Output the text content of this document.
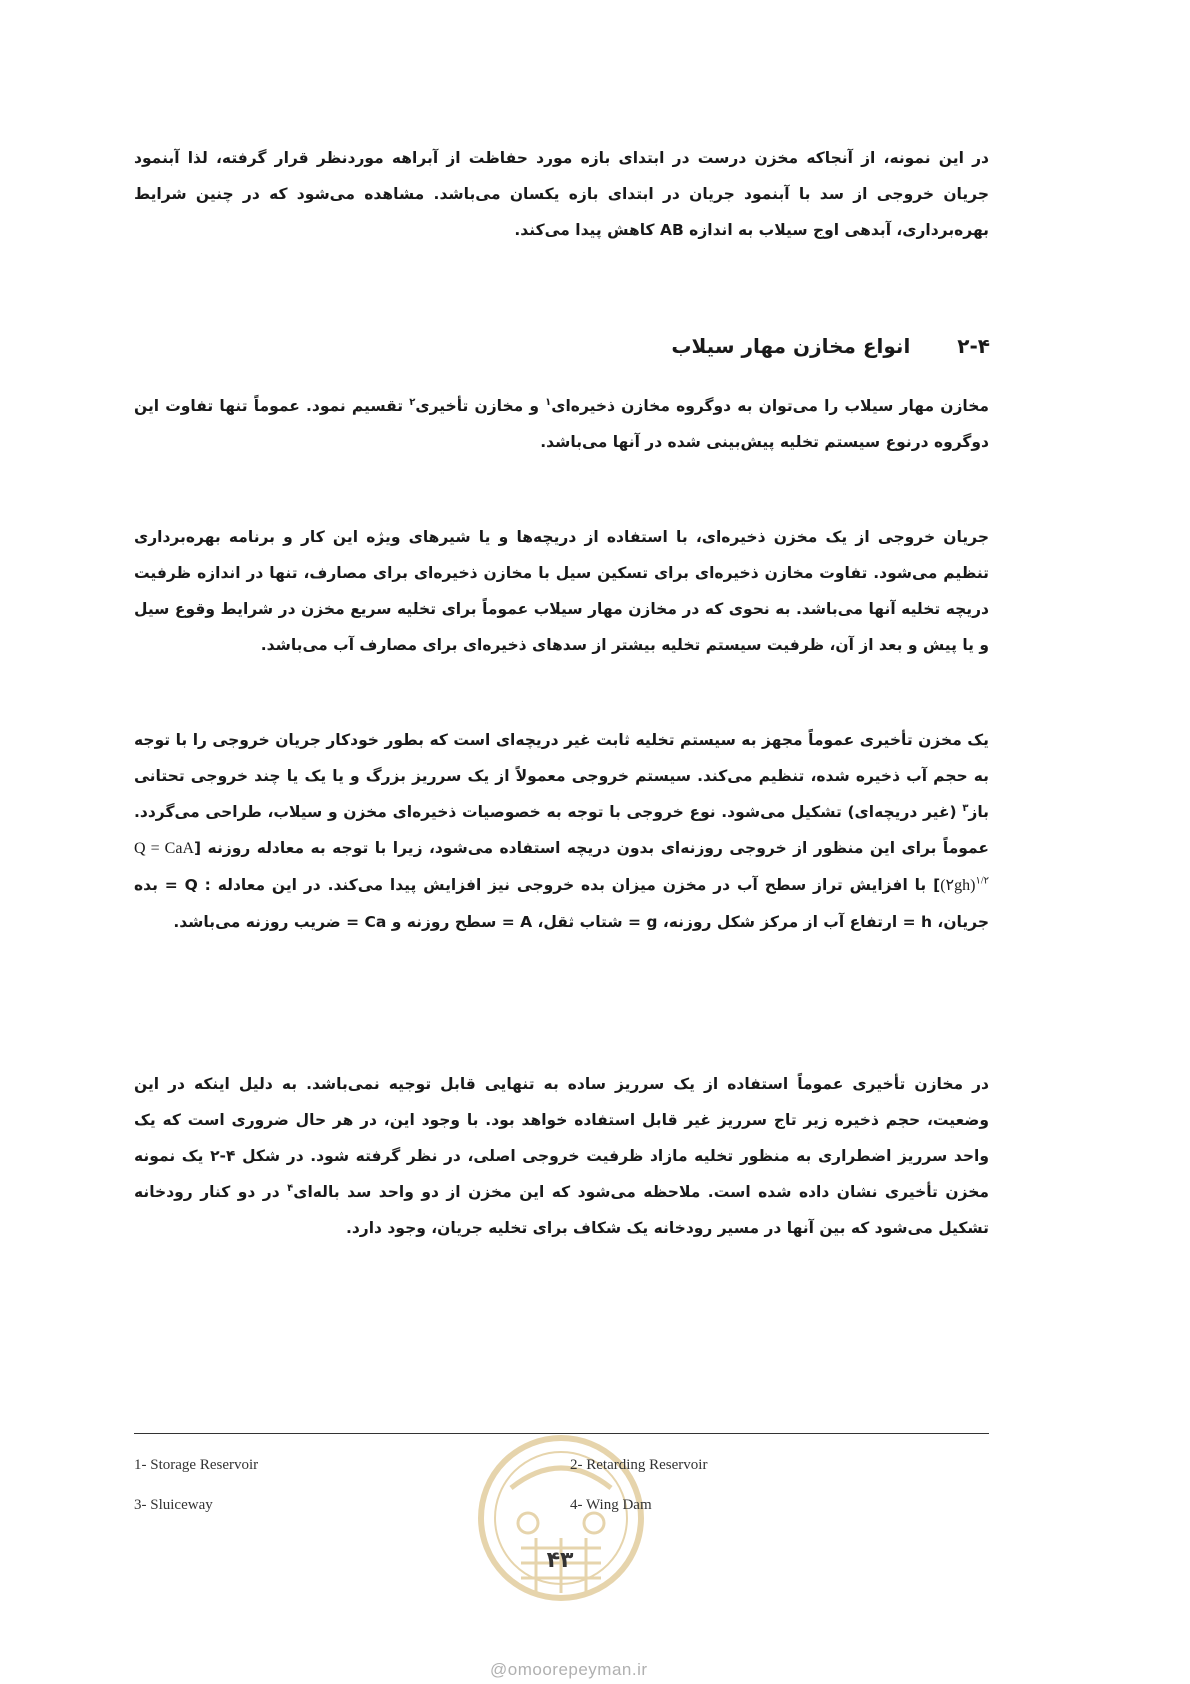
در این نمونه، از آنجاکه مخزن درست در ابتدای بازه مورد حفاظت از آبراهه موردنظر قرار گرفته، لذا آبنمود جریان خروجی از سد با آبنمود جریان در ابتدای بازه یکسان می‌باشد. مشاهده می‌شود که در چنین شرایط بهره‌برداری، آبدهی اوج سیلاب به اندازه AB کاهش پیدا می‌کند.
۲-۴ انواع مخازن مهار سیلاب
مخازن مهار سیلاب را می‌توان به دوگروه مخازن ذخیره‌ای$^۱$ و مخازن تأخیری$^۲$ تقسیم نمود. عموماً تنها تفاوت این دوگروه درنوع سیستم تخلیه پیش‌بینی شده در آنها می‌باشد.
جریان خروجی از یک مخزن ذخیره‌ای، با استفاده از دریچه‌ها و یا شیرهای ویژه این کار و برنامه بهره‌برداری تنظیم می‌شود. تفاوت مخازن ذخیره‌ای برای تسکین سیل با مخازن ذخیره‌ای برای مصارف، تنها در اندازه ظرفیت دریچه تخلیه آنها می‌باشد. به نحوی که در مخازن مهار سیلاب عموماً برای تخلیه سریع مخزن در شرایط وقوع سیل و یا پیش و بعد از آن، ظرفیت سیستم تخلیه بیشتر از سدهای ذخیره‌ای برای مصارف آب می‌باشد.
یک مخزن تأخیری عموماً مجهز به سیستم تخلیه ثابت غیر دریچه‌ای است که بطور خودکار جریان خروجی را با توجه به حجم آب ذخیره شده، تنظیم می‌کند. سیستم خروجی معمولاً از یک سرریز بزرگ و یا یک یا چند خروجی تحتانی باز$^۳$ (غیر دریچه‌ای) تشکیل می‌شود. نوع خروجی با توجه به خصوصیات ذخیره‌ای مخزن و سیلاب، طراحی می‌گردد. عموماً برای این منظور از خروجی روزنه‌ای بدون دریچه استفاده می‌شود، زیرا با توجه به معادله روزنه [Q = CaA (۲gh)$^{۱/۲}$] با افزایش تراز سطح آب در مخزن میزان بده خروجی نیز افزایش پیدا می‌کند. در این معادله : Q = بده جریان، h = ارتفاع آب از مرکز شکل روزنه، g = شتاب ثقل، A = سطح روزنه و Ca = ضریب روزنه می‌باشد.
در مخازن تأخیری عموماً استفاده از یک سرریز ساده به تنهایی قابل توجیه نمی‌باشد. به دلیل اینکه در این وضعیت، حجم ذخیره زیر تاج سرریز غیر قابل استفاده خواهد بود. با وجود این، در هر حال ضروری است که یک واحد سرریز اضطراری به منظور تخلیه مازاد ظرفیت خروجی اصلی، در نظر گرفته شود. در شکل ۴-۲ یک نمونه مخزن تأخیری نشان داده شده است. ملاحظه می‌شود که این مخزن از دو واحد سد باله‌ای$^۴$ در دو کنار رودخانه تشکیل می‌شود که بین آنها در مسیر رودخانه یک شکاف برای تخلیه جریان، وجود دارد.
1- Storage Reservoir	2- Retarding Reservoir
3- Sluiceway	4- Wing Dam
۴۳
@omoorepeyman.ir
